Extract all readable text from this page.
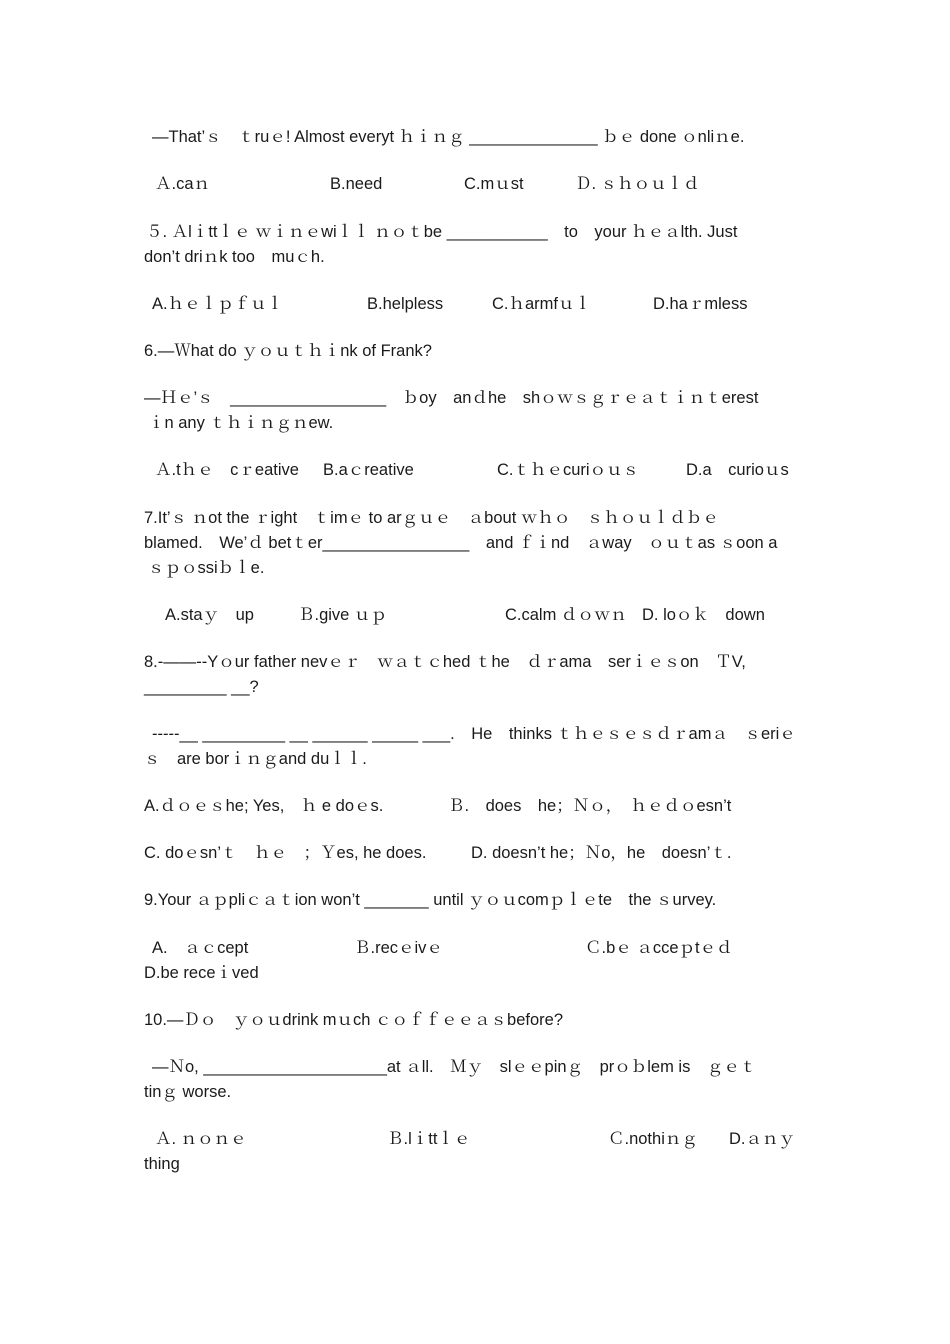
—That’ｓ　ｔruｅ! Almost everyt ｈｉｎｇ ______________ ｂｅ done ｏnliｎe.
Ａ.caｎ	B.need	C.mｕst	Ｄ. ｓｈｏｕｌｄ
５. Ａlｉttｌｅ ｗｉｎｅwiｌｌ ｎｏｔbe ___________　to　your ｈｅａlth. Just
don’t driｎk too　muｃh.
A.ｈｅｌｐｆｕｌ	B.helpless	C.ｈarmfｕｌ	D.haｒmless
6.—Ｗhat do ｙｏｕｔｈｉnk of Frank?
—Ｈｅ’ｓ　_________________　ｂoy　anｄhe　shｏｗｓｇｒｅａｔｉｎｔerest
ｉn any ｔｈｉｎｇｎew.
Ａ.tｈｅ　cｒeative B.aｃreative	C.ｔｈｅcuriｏｕｓ	D.a　curioｕs
7.It’ｓ ｎot the ｒight　ｔimｅ to arｇｕｅ　ａbout ｗｈｏ　ｓｈｏｕｌｄｂｅ
blamed.　We’ｄ betｔer________________　and ｆｉnd　ａway　ｏｕｔas ｓoon a
ｓｐｏssiｂｌe.
A.staｙ　up	Ｂ.give ｕｐ	C.calm ｄｏｗｎ D. loｏｋ　down
8.-——--Yｏur father nevｅｒ　ｗａｔｃhed ｔhe　ｄｒama　serｉｅｓon　ＴV,
_________ __?
-----__ _________ __ ______ _____ ___.　He　thinks ｔｈｅｓｅｓｄｒamａ　ｓeriｅ
ｓ　are borｉｎｇand duｌｌ.
A.ｄｏｅｓhe; Yes,　ｈ e doｅs.	Ｂ.　does　he；Ｎｏ，　ｈｅｄｏesn’t
C. doｅsn’ｔ　ｈｅ　；Ｙes, he does.	D. doesn’t he；Ｎo，he　doesn’ｔ.
9.Your ａｐpliｃａｔion won’t _______ until ｙｏｕcomｐｌｅte　the ｓurvey.
A.　ａｃcept	Ｂ.recｅivｅ	Ｃ.bｅ ａcceｐtｅｄ
D.be receｉved
10.—Ｄｏ　ｙｏｕdrink mｕch ｃｏｆｆｅｅａｓbefore?
—Ｎo, ____________________at ａll.　Ｍｙ　slｅｅpinｇ　prｏｂlem is　ｇｅｔ
tinｇ worse.
Ａ. ｎｏｎｅ	Ｂ.lｉttｌｅ	Ｃ.nothiｎｇ D.ａｎｙ
thing
